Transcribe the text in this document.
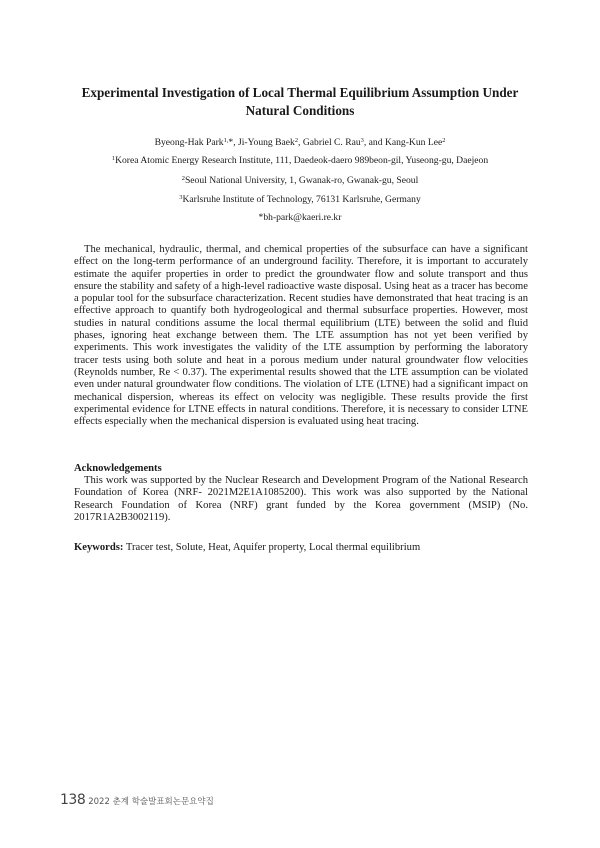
Experimental Investigation of Local Thermal Equilibrium Assumption Under
Natural Conditions
Byeong-Hak Park$^{1,}$*, Ji-Young Baek$^2$, Gabriel C. Rau$^3$, and Kang-Kun Lee$^2$
$^1$Korea Atomic Energy Research Institute, 111, Daedeok-daero 989beon-gil, Yuseong-gu, Daejeon
$^2$Seoul National University, 1, Gwanak-ro, Gwanak-gu, Seoul
$^3$Karlsruhe Institute of Technology, 76131 Karlsruhe, Germany
*bh-park@kaeri.re.kr

The mechanical, hydraulic, thermal, and chemical properties of the subsurface can have a significant effect on the long-term performance of an underground facility. Therefore, it is important to accurately estimate the aquifer properties in order to predict the groundwater flow and solute transport and thus ensure the stability and safety of a high-level radioactive waste disposal. Using heat as a tracer has become a popular tool for the subsurface characterization. Recent studies have demonstrated that heat tracing is an effective approach to quantify both hydrogeological and thermal subsurface properties. However, most studies in natural conditions assume the local thermal equilibrium (LTE) between the solid and fluid phases, ignoring heat exchange between them. The LTE assumption has not yet been verified by experiments. This work investigates the validity of the LTE assumption by performing the laboratory tracer tests using both solute and heat in a porous medium under natural groundwater flow velocities (Reynolds number, Re < 0.37). The experimental results showed that the LTE assumption can be violated even under natural groundwater flow conditions. The violation of LTE (LTNE) had a significant impact on mechanical dispersion, whereas its effect on velocity was negligible. These results provide the first experimental evidence for LTNE effects in natural conditions. Therefore, it is necessary to consider LTNE effects especially when the mechanical dispersion is evaluated using heat tracing.

Acknowledgements

This work was supported by the Nuclear Research and Development Program of the National Research Foundation of Korea (NRF- 2021M2E1A1085200). This work was also supported by the National Research Foundation of Korea (NRF) grant funded by the Korea government (MSIP) (No. 2017R1A2B3002119).

Keywords: Tracer test, Solute, Heat, Aquifer property, Local thermal equilibrium
138 2022 춘계 학술발표회논문요약집
